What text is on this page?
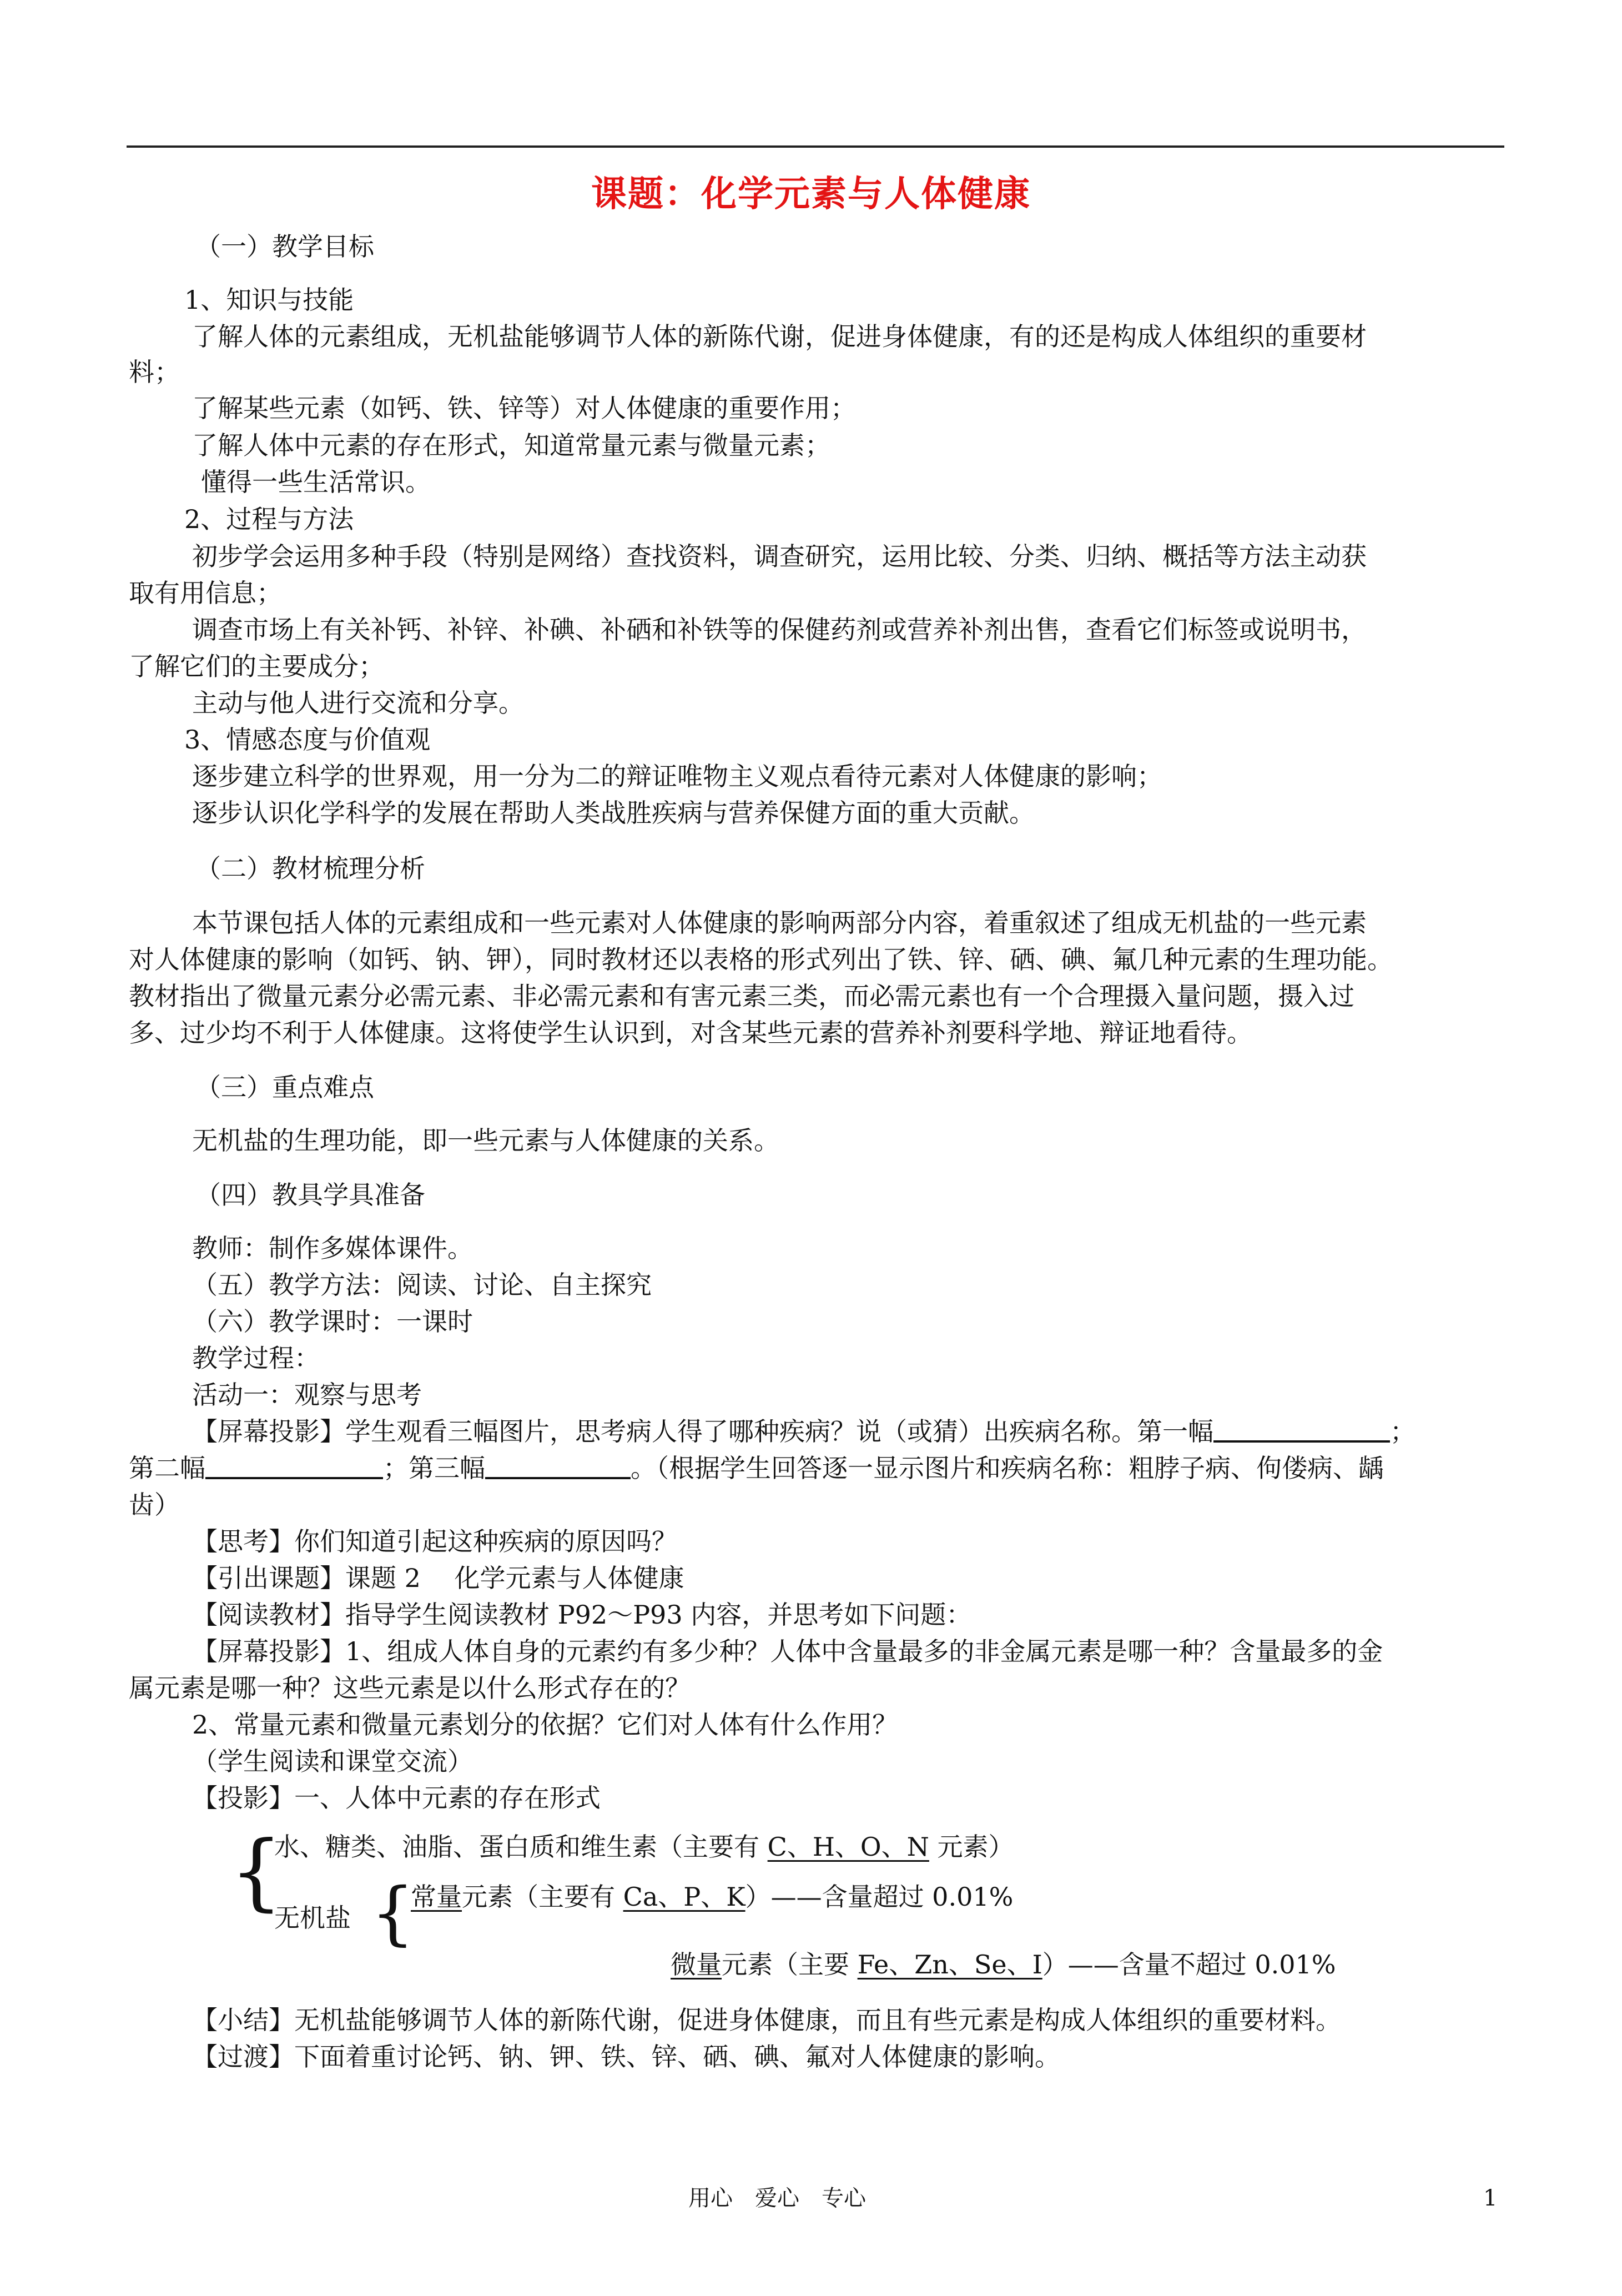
课题：化学元素与人体健康
（一）教学目标
1、知识与技能
了解人体的元素组成，无机盐能够调节人体的新陈代谢，促进身体健康，有的还是构成人体组织的重要材
料；
了解某些元素（如钙、铁、锌等）对人体健康的重要作用；
了解人体中元素的存在形式，知道常量元素与微量元素；
懂得一些生活常识。
2、过程与方法
初步学会运用多种手段（特别是网络）查找资料，调查研究，运用比较、分类、归纳、概括等方法主动获
取有用信息；
调查市场上有关补钙、补锌、补碘、补硒和补铁等的保健药剂或营养补剂出售，查看它们标签或说明书，
了解它们的主要成分；
主动与他人进行交流和分享。
3、情感态度与价值观
逐步建立科学的世界观，用一分为二的辩证唯物主义观点看待元素对人体健康的影响；
逐步认识化学科学的发展在帮助人类战胜疾病与营养保健方面的重大贡献。
（二）教材梳理分析
本节课包括人体的元素组成和一些元素对人体健康的影响两部分内容，着重叙述了组成无机盐的一些元素
对人体健康的影响（如钙、钠、钾），同时教材还以表格的形式列出了铁、锌、硒、碘、氟几种元素的生理功能。
教材指出了微量元素分必需元素、非必需元素和有害元素三类，而必需元素也有一个合理摄入量问题，摄入过
多、过少均不利于人体健康。这将使学生认识到，对含某些元素的营养补剂要科学地、辩证地看待。
（三）重点难点
无机盐的生理功能，即一些元素与人体健康的关系。
（四）教具学具准备
教师：制作多媒体课件。
（五）教学方法：阅读、讨论、自主探究
（六）教学课时：一课时
教学过程：
活动一：观察与思考
【屏幕投影】学生观看三幅图片，思考病人得了哪种疾病？说（或猜）出疾病名称。第一幅	；
第二幅	；第三幅	。（根据学生回答逐一显示图片和疾病名称：粗脖子病、佝偻病、龋
齿）
【思考】你们知道引起这种疾病的原因吗？
【引出课题】课题 2　 化学元素与人体健康
【阅读教材】指导学生阅读教材 P92～P93 内容，并思考如下问题：
【屏幕投影】1、组成人体自身的元素约有多少种？人体中含量最多的非金属元素是哪一种？含量最多的金
属元素是哪一种？这些元素是以什么形式存在的？
2、常量元素和微量元素划分的依据？它们对人体有什么作用？
（学生阅读和课堂交流）
【投影】一、人体中元素的存在形式
水、糖类、油脂、蛋白质和维生素（主要有 C、H、O、N 元素）
{
无机盐 {
常量元素（主要有 Ca、P、K）——含量超过 0.01%
微量元素（主要 Fe、Zn、Se、I）——含量不超过 0.01%
【小结】无机盐能够调节人体的新陈代谢，促进身体健康，而且有些元素是构成人体组织的重要材料。
【过渡】下面着重讨论钙、钠、钾、铁、锌、硒、碘、氟对人体健康的影响。
用心　爱心　专心	1
